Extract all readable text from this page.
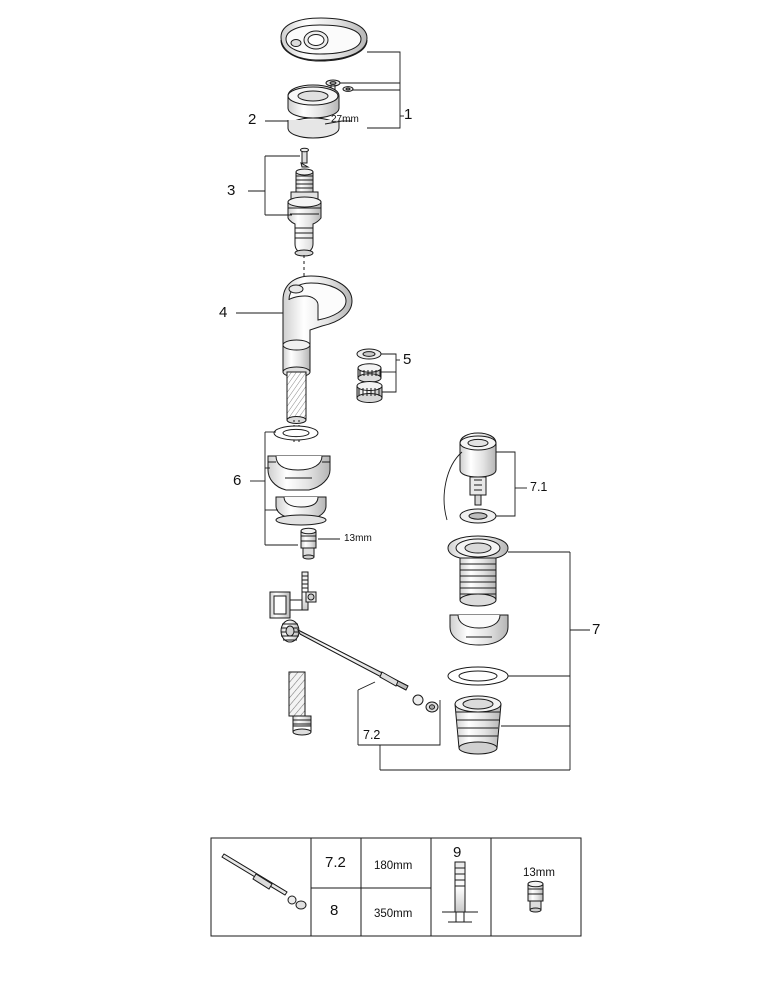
1
2	27mm
3
4
5
6
13mm
7
7.1
7.2
7.2 180mm
8	350mm
9
13mm
